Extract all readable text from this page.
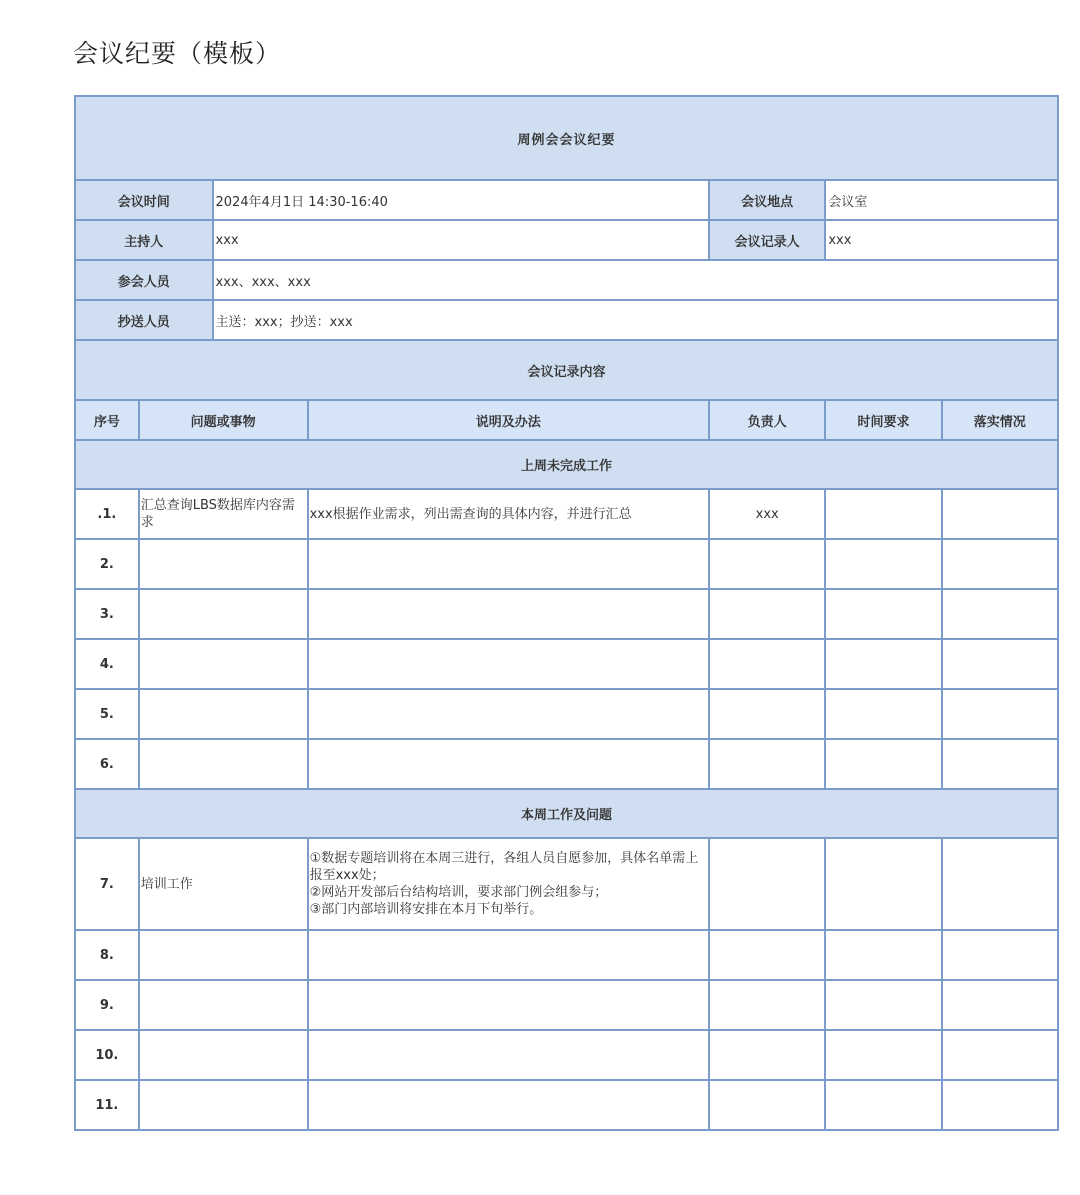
会议纪要（模板）
周例会会议纪要						
会议时间		2024年4月1日 14:30-16:40		会议地点	会议室	
主持人		xxx		会议记录人	xxx	
参会人员		xxx、xxx、xxx				
抄送人员		主送：xxx；抄送：xxx				
会议记录内容						
序号	问题或事物		说明及办法	负责人	时间要求	落实情况
上周未完成工作						
.1.	汇总查询LBS数据库内容需求		xxx根据作业需求，列出需查询的具体内容，并进行汇总	xxx		
2.						
3.						
4.						
5.						
6.						
本周工作及问题						
7.	培训工作		①数据专题培训将在本周三进行，各组人员自愿参加，具体名单需上报至xxx处；
②网站开发部后台结构培训，要求部门例会组参与；
③部门内部培训将安排在本月下旬举行。			
8.						
9.						
10.						
11.						
